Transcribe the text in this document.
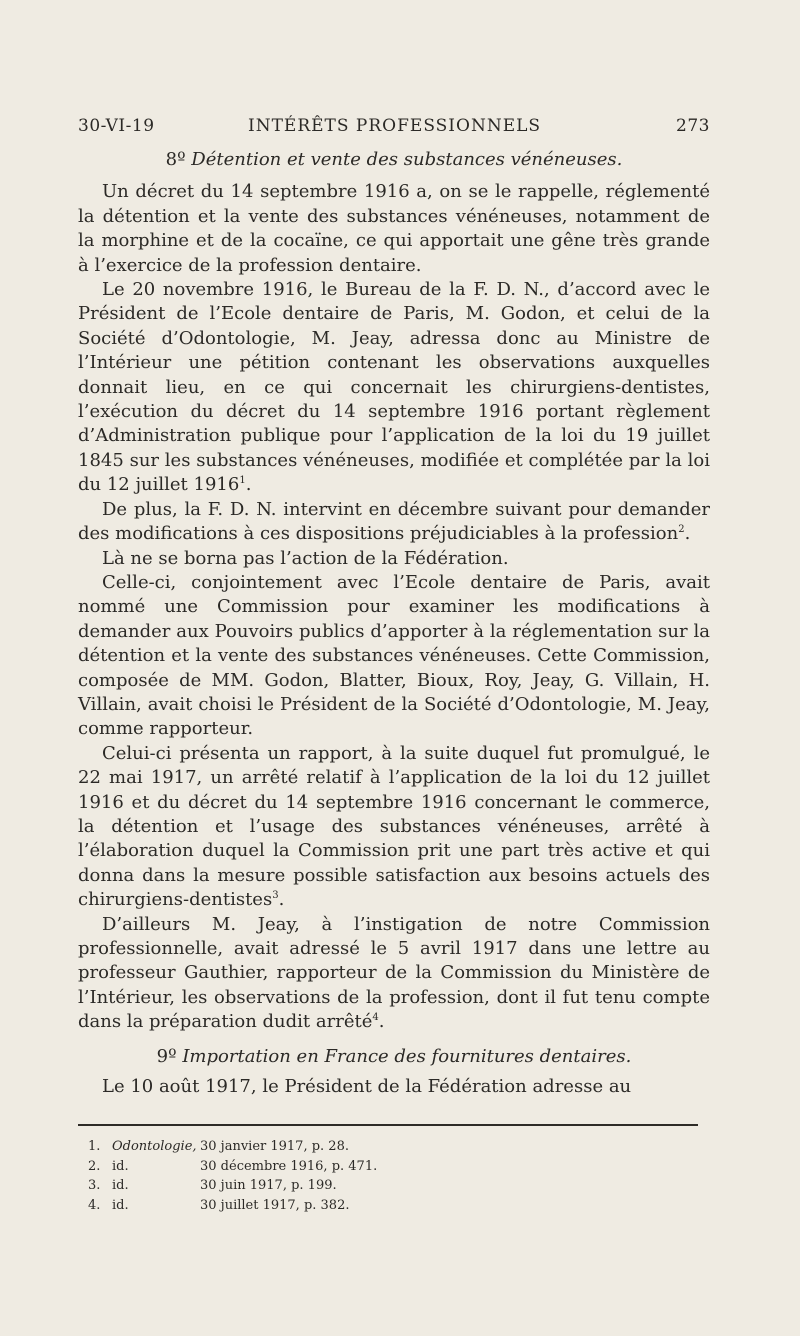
30-VI-19	INTÉRÊTS PROFESSIONNELS	273
8º Détention et vente des substances vénéneuses.

Un décret du 14 septembre 1916 a, on se le rappelle, réglementé la détention et la vente des substances vénéneuses, notamment de la morphine et de la cocaïne, ce qui apportait une gêne très grande à l’exercice de la profession dentaire.

Le 20 novembre 1916, le Bureau de la F. D. N., d’accord avec le Président de l’Ecole dentaire de Paris, M. Godon, et celui de la Société d’Odontologie, M. Jeay, adressa donc au Ministre de l’Intérieur une pétition contenant les observations auxquelles donnait lieu, en ce qui concernait les chirurgiens-dentistes, l’exécution du décret du 14 septembre 1916 portant règlement d’Administration publique pour l’application de la loi du 19 juillet 1845 sur les substances vénéneuses, modifiée et complétée par la loi du 12 juillet 1916$^1$.

De plus, la F. D. N. intervint en décembre suivant pour demander des modifications à ces dispositions préjudiciables à la profession$^2$.

Là ne se borna pas l’action de la Fédération.

Celle-ci, conjointement avec l’Ecole dentaire de Paris, avait nommé une Commission pour examiner les modifications à demander aux Pouvoirs publics d’apporter à la réglementation sur la détention et la vente des substances vénéneuses. Cette Commission, composée de MM. Godon, Blatter, Bioux, Roy, Jeay, G. Villain, H. Villain, avait choisi le Président de la Société d’Odontologie, M. Jeay, comme rapporteur.

Celui-ci présenta un rapport, à la suite duquel fut promulgué, le 22 mai 1917, un arrêté relatif à l’application de la loi du 12 juillet 1916 et du décret du 14 septembre 1916 concernant le commerce, la détention et l’usage des substances vénéneuses, arrêté à l’élaboration duquel la Commission prit une part très active et qui donna dans la mesure possible satisfaction aux besoins actuels des chirurgiens-dentistes$^3$.

D’ailleurs M. Jeay, à l’instigation de notre Commission professionnelle, avait adressé le 5 avril 1917 dans une lettre au professeur Gauthier, rapporteur de la Commission du Ministère de l’Intérieur, les observations de la profession, dont il fut tenu compte dans la préparation dudit arrêté$^4$.

9º Importation en France des fournitures dentaires.

Le 10 août 1917, le Président de la Fédération adresse au

1. Odontologie, 30 janvier 1917, p. 28.
2. id.	30 décembre 1916, p. 471.
3. id.	30 juin 1917, p. 199.
4. id.	30 juillet 1917, p. 382.
